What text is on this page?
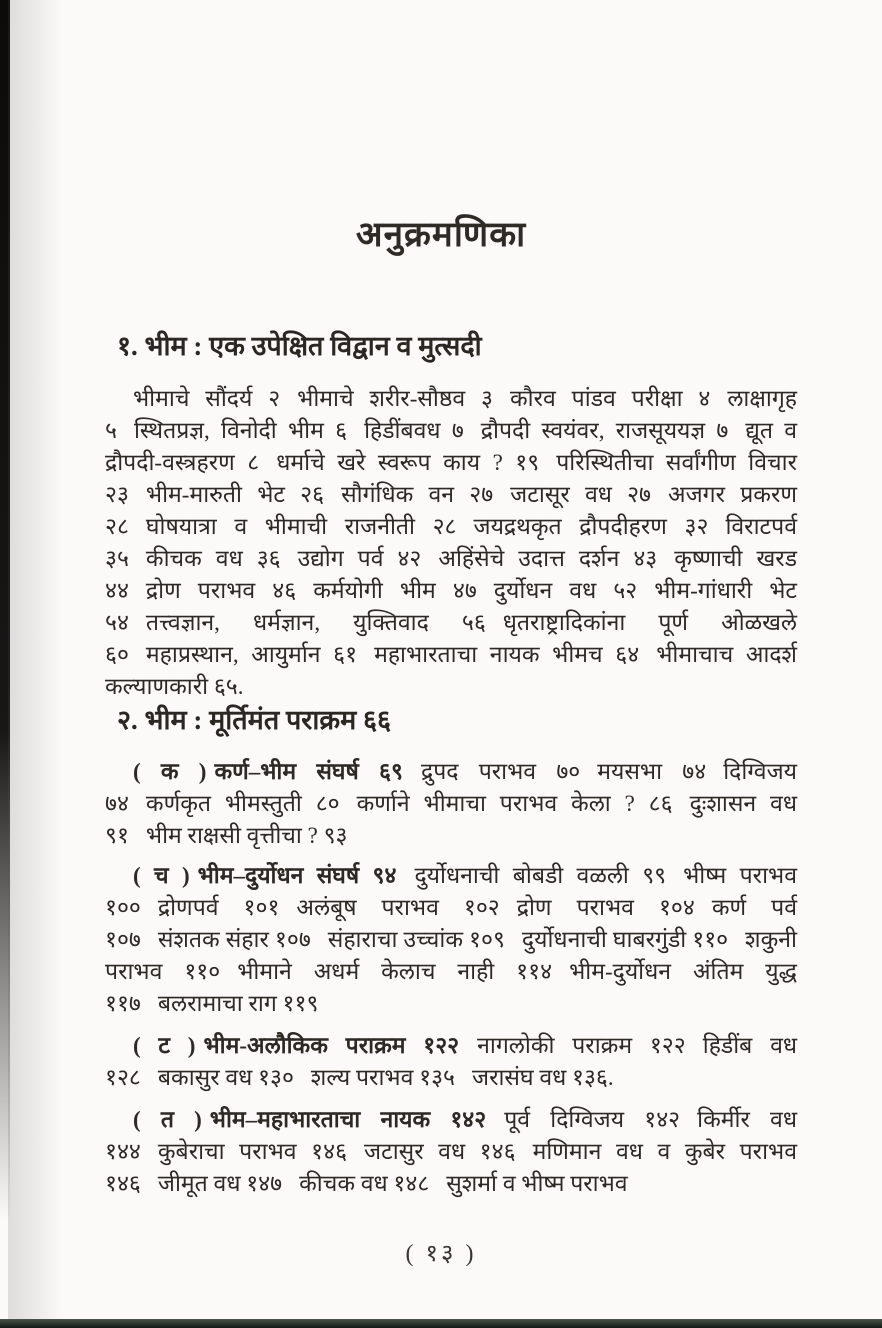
अनुक्रमणिका
१. भीम : एक उपेक्षित विद्वान व मुत्सदी

भीमाचे सौंदर्य २ भीमाचे शरीर-सौष्ठव ३ कौरव पांडव परीक्षा ४ लाक्षागृह ५ स्थितप्रज्ञ, विनोदी भीम ६ हिडींबवध ७ द्रौपदी स्वयंवर, राजसूययज्ञ ७ द्यूत व द्रौपदी-वस्त्रहरण ८ धर्माचे खरे स्वरूप काय ? १९ परिस्थितीचा सर्वांगीण विचार २३ भीम-मारुती भेट २६ सौगंधिक वन २७ जटासूर वध २७ अजगर प्रकरण २८ घोषयात्रा व भीमाची राजनीती २८ जयद्रथकृत द्रौपदीहरण ३२ विराटपर्व ३५ कीचक वध ३६ उद्योग पर्व ४२ अहिंसेचे उदात्त दर्शन ४३ कृष्णाची खरड ४४ द्रोण पराभव ४६ कर्मयोगी भीम ४७ दुर्योधन वध ५२ भीम-गांधारी भेट ५४ तत्त्वज्ञान, धर्मज्ञान, युक्तिवाद ५६ धृतराष्ट्रादिकांना पूर्ण ओळखले ६० महाप्रस्थान, आयुर्मान ६१ महाभारताचा नायक भीमच ६४ भीमाचाच आदर्श कल्याणकारी ६५.

२. भीम : मूर्तिमंत पराक्रम ६६

( क ) कर्ण–भीम संघर्ष ६९ द्रुपद पराभव ७० मयसभा ७४ दिग्विजय ७४ कर्णकृत भीमस्तुती ८० कर्णाने भीमाचा पराभव केला ? ८६ दुःशासन वध ९१ भीम राक्षसी वृत्तीचा ? ९३

( च ) भीम–दुर्योधन संघर्ष ९४ दुर्योधनाची बोबडी वळली ९९ भीष्म पराभव १०० द्रोणपर्व १०१ अलंबूष पराभव १०२ द्रोण पराभव १०४ कर्ण पर्व १०७ संशतक संहार १०७ संहाराचा उच्चांक १०९ दुर्योधनाची घाबरगुंडी ११० शकुनी पराभव ११० भीमाने अधर्म केलाच नाही ११४ भीम-दुर्योधन अंतिम युद्ध ११७ बलरामाचा राग ११९

( ट ) भीम-अलौकिक पराक्रम १२२ नागलोकी पराक्रम १२२ हिडींब वध १२८ बकासुर वध १३० शल्य पराभव १३५ जरासंघ वध १३६.

( त ) भीम–महाभारताचा नायक १४२ पूर्व दिग्विजय १४२ किर्मीर वध १४४ कुबेराचा पराभव १४६ जटासुर वध १४६ मणिमान वध व कुबेर पराभव १४६ जीमूत वध १४७ कीचक वध १४८ सुशर्मा व भीष्म पराभव

( १३ )
